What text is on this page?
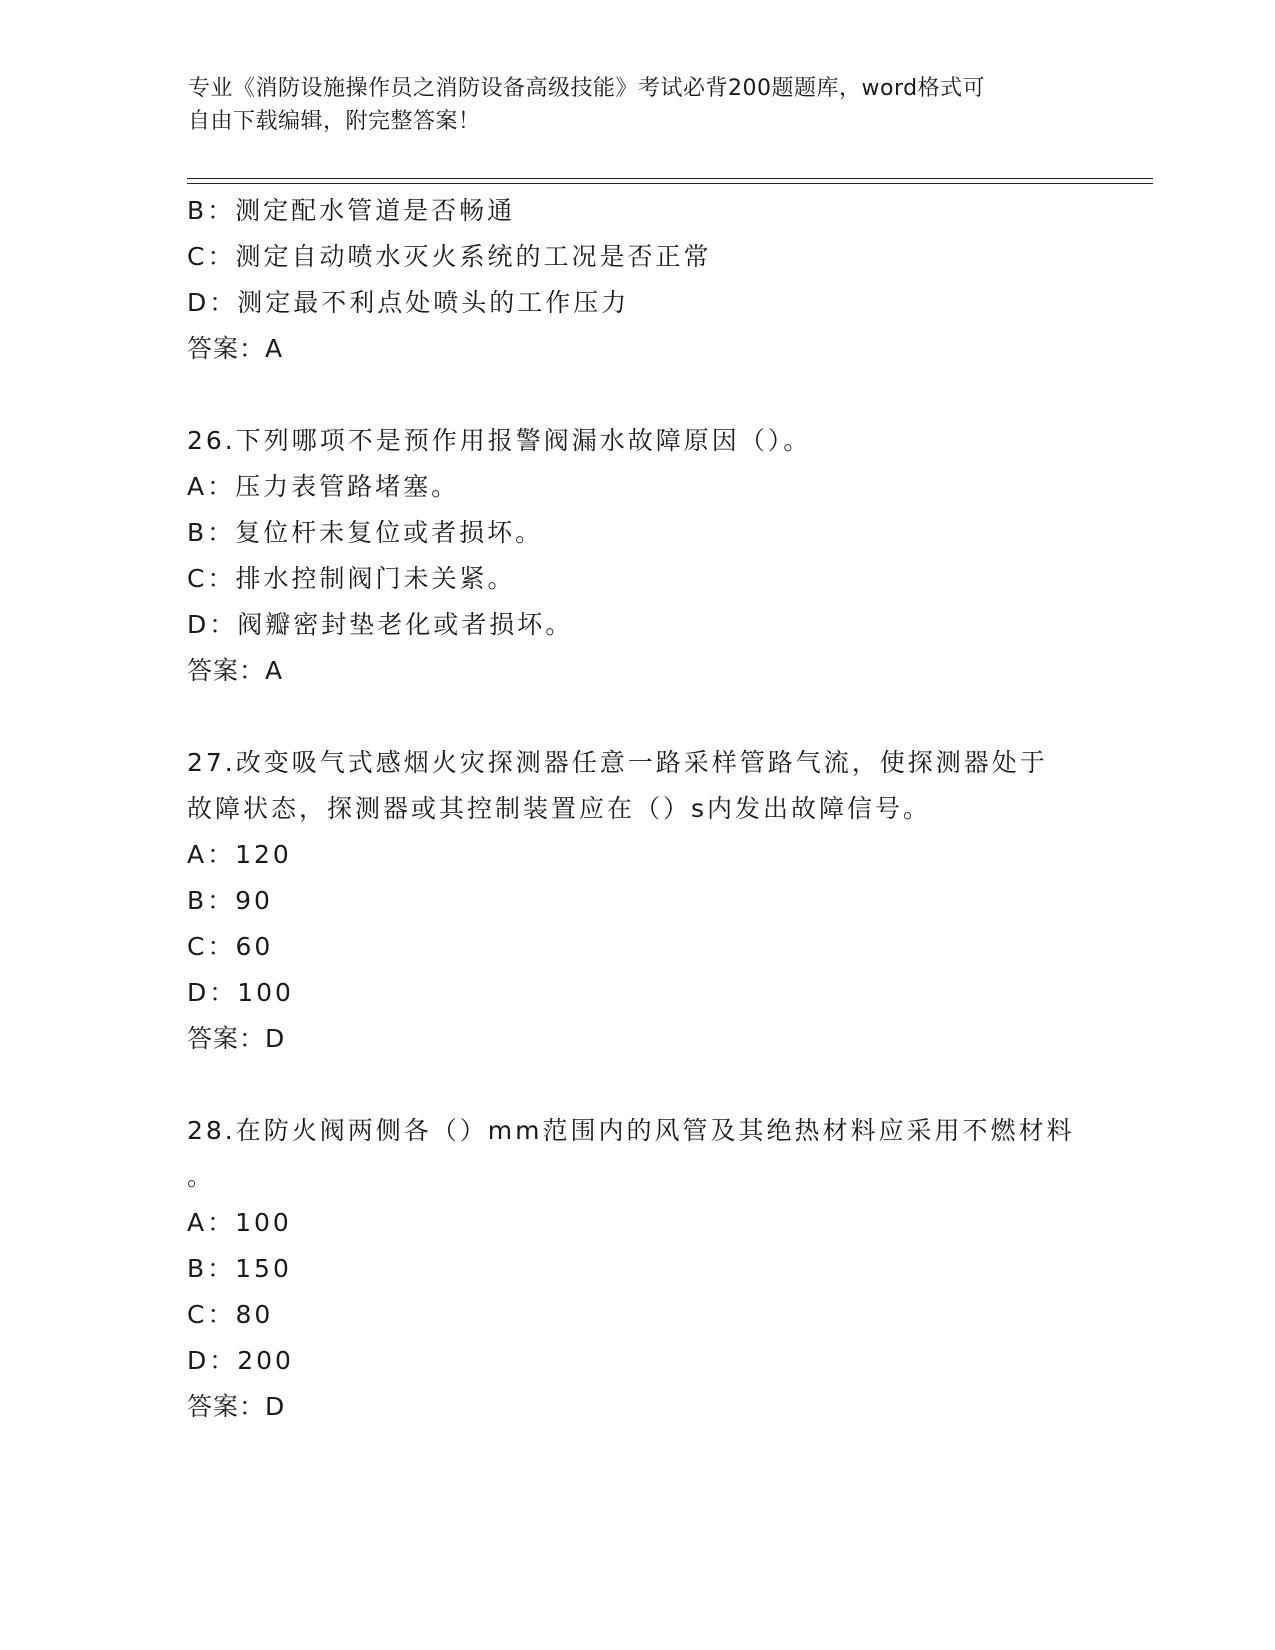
专业《消防设施操作员之消防设备高级技能》考试必背200题题库，word格式可
自由下载编辑，附完整答案！
B：测定配水管道是否畅通
C：测定自动喷水灭火系统的工况是否正常
D：测定最不利点处喷头的工作压力
答案：A
26.下列哪项不是预作用报警阀漏水故障原因（）。
A：压力表管路堵塞。
B：复位杆未复位或者损坏。
C：排水控制阀门未关紧。
D：阀瓣密封垫老化或者损坏。
答案：A
27.改变吸气式感烟火灾探测器任意一路采样管路气流，使探测器处于
故障状态，探测器或其控制装置应在（）s内发出故障信号。
A：120
B：90
C：60
D：100
答案：D
28.在防火阀两侧各（）mm范围内的风管及其绝热材料应采用不燃材料
。
A：100
B：150
C：80
D：200
答案：D
